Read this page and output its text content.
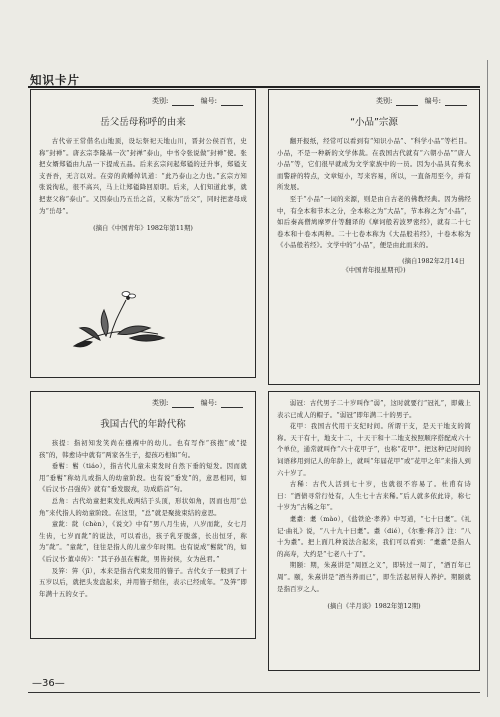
知识卡片
类别:	编号:
岳父岳母称呼的由来

古代帝王常偕名山地顶，设坛祭祀天地山川，晋封公侯百官，史称“封禅”。唐玄宗李隆基一次“封禅”泰山，中书令张说做“封禅”使。张把女婿郑镒由九品一下提成五品。后来玄宗问起郑镒的迁升事，郑镒支支吾吾，无言以对。在旁的黄幡绰讥道：“此乃泰山之力也。”玄宗方知张说徇私，很不高兴，马上让郑镒降回原职。后来，人们知道此事，就把妻父称“泰山”。又因泰山乃五岳之首，又称为“岳父”，同时把妻母成为“岳母”。

(摘自《中国青年》1982年第11期)
类别:	编号:
“小品”宗源

翻开报纸，经常可以看到有“知识小品”、“科学小品”等栏目。小品，不是一种新的文学体裁。在我国古代就有“六朝小品”“唐人小品”等，它们很早就成为文学家族中的一员。因为小品具有隽永而警辟的特点，文章短小，写来容易，所以，一直备用至今，并有所发展。

至于“小品”一词的来源，则是由自古老的佛教经典。因为佛经中，有全本和节本之分，全本称之为“大品”，节本称之为“小品”，如后秦高僧鸠摩罗什等翻译的《摩诃般若波罗密经》，就有二十七卷本和十卷本两种。二十七卷本称为《大品般若经》，十卷本称为《小品般若经》。文学中的“小品”，便是由此而来的。

(摘自1982年2月14日
《中国青年报星期刊》)
类别:	编号:
我国古代的年龄代称

孩提：指初知发笑尚在襁褓中的幼儿。也有写作“孩抱”或“提孩”的，韩愈诗中就有“两家各生子，提孩巧相如”句。

垂髫：髫（tiáo），指古代儿童未束发时自然下垂的短发。因而就用“垂髫”称幼儿或指人的幼童阶段。也有说“垂发”的，意思相同，如《后汉书·吕强传》就有“垂发服戎，功成皓首”句。

总角：古代幼童把束发扎成两结于头顶，形状如角，因而也用“总角”来代指人的幼童阶段。在这里，“总”就是聚拢束结的意思。

童龀：龀（chèn），《说文》中有“男八月生齿，八岁而龀，女七月生齿，七岁而龀”的说法，可以看出，孩子乳牙脱落，长出恒牙，称为“龀”。“童龀”，往往是指人的儿童少年时期。也有说成“髫龀”的，如《后汉书·董卓传》：“其子孙虽在髫龀，男皆封侯，女为邑君。”

及笄：笄（jī），本来是指古代束发用的簪子。古代女子一般到了十五岁以后，就把头发盘起来，并用簪子绾住，表示已经成年。“及笄”即年满十五的女子。

弱冠：古代男子二十岁叫作“弱”，这时就要行“冠礼”，即戴上表示已成人的帽子。“弱冠”即年满二十的男子。

花甲：我国古代用干支纪时间。所谓干支，是天干地支的简称。天干有十，地支十二，十天干和十二地支按照顺序搭配成六十个单位，通常就叫作“六十花甲子”，也称“花甲”。把这种记时间的词语移用到记人的年龄上，就叫“年届花甲”或“花甲之年”来指人到六十岁了。

古稀：古代人活到七十岁，也就很不容易了。杜甫有诗曰：“酒债寻常行处有，人生七十古来稀。”后人就多依此诗，称七十岁为“古稀之年”。

耄耋：耄（mào），《盐铁论·孝养》中写道，“七十曰耄”。《礼记·曲礼》说，“八十九十曰耄”。耋（dié），《尔雅·释言》注：“八十为耋”。把上面几种说法合起来，我们可以看到：“耄耋”是指人的高寿，大约是“七老八十了”。

期颐：期，朱熹讲是“周匝之义”，即转过一周了，“酒百年已周”。颐，朱熹讲是“酒当养而已”，即生活起居得人养护。期颐就是指百岁之人。

(摘自《半月谈》1982年第12期)
—36—
